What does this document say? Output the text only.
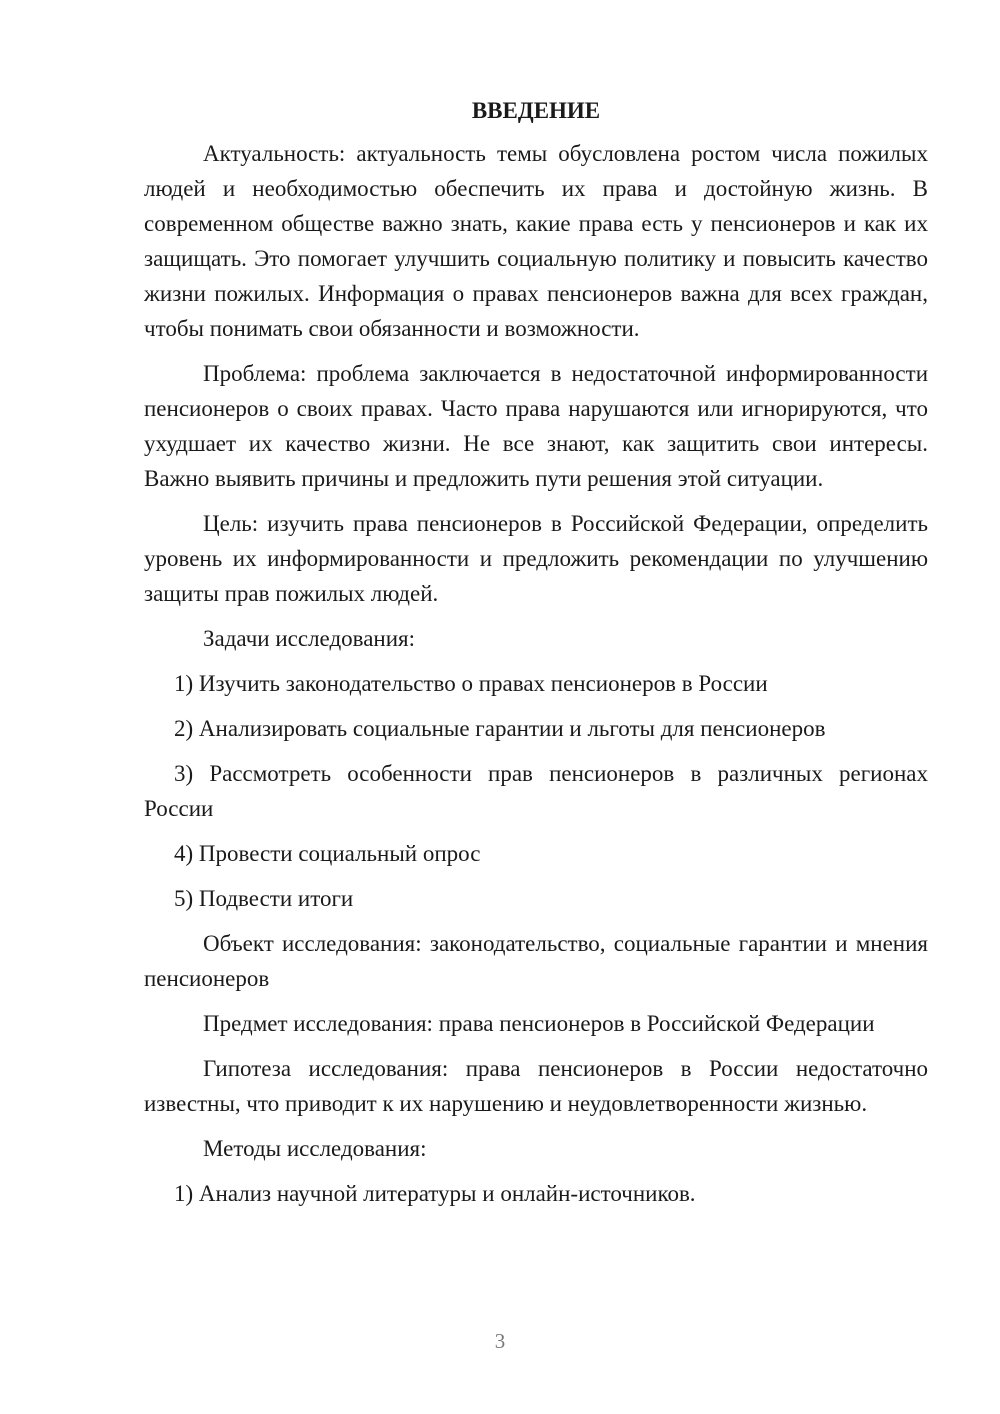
ВВЕДЕНИЕ

Актуальность: актуальность темы обусловлена ростом числа пожилых людей и необходимостью обеспечить их права и достойную жизнь. В современном обществе важно знать, какие права есть у пенсионеров и как их защищать. Это помогает улучшить социальную политику и повысить качество жизни пожилых. Информация о правах пенсионеров важна для всех граждан, чтобы понимать свои обязанности и возможности.

Проблема: проблема заключается в недостаточной информированности пенсионеров о своих правах. Часто права нарушаются или игнорируются, что ухудшает их качество жизни. Не все знают, как защитить свои интересы. Важно выявить причины и предложить пути решения этой ситуации.

Цель: изучить права пенсионеров в Российской Федерации, определить уровень их информированности и предложить рекомендации по улучшению защиты прав пожилых людей.

Задачи исследования:

1) Изучить законодательство о правах пенсионеров в России

2) Анализировать социальные гарантии и льготы для пенсионеров

3) Рассмотреть особенности прав пенсионеров в различных регионах России

4) Провести социальный опрос

5) Подвести итоги

Объект исследования: законодательство, социальные гарантии и мнения пенсионеров

Предмет исследования: права пенсионеров в Российской Федерации

Гипотеза исследования: права пенсионеров в России недостаточно известны, что приводит к их нарушению и неудовлетворенности жизнью.

Методы исследования:

1) Анализ научной литературы и онлайн-источников.

3
